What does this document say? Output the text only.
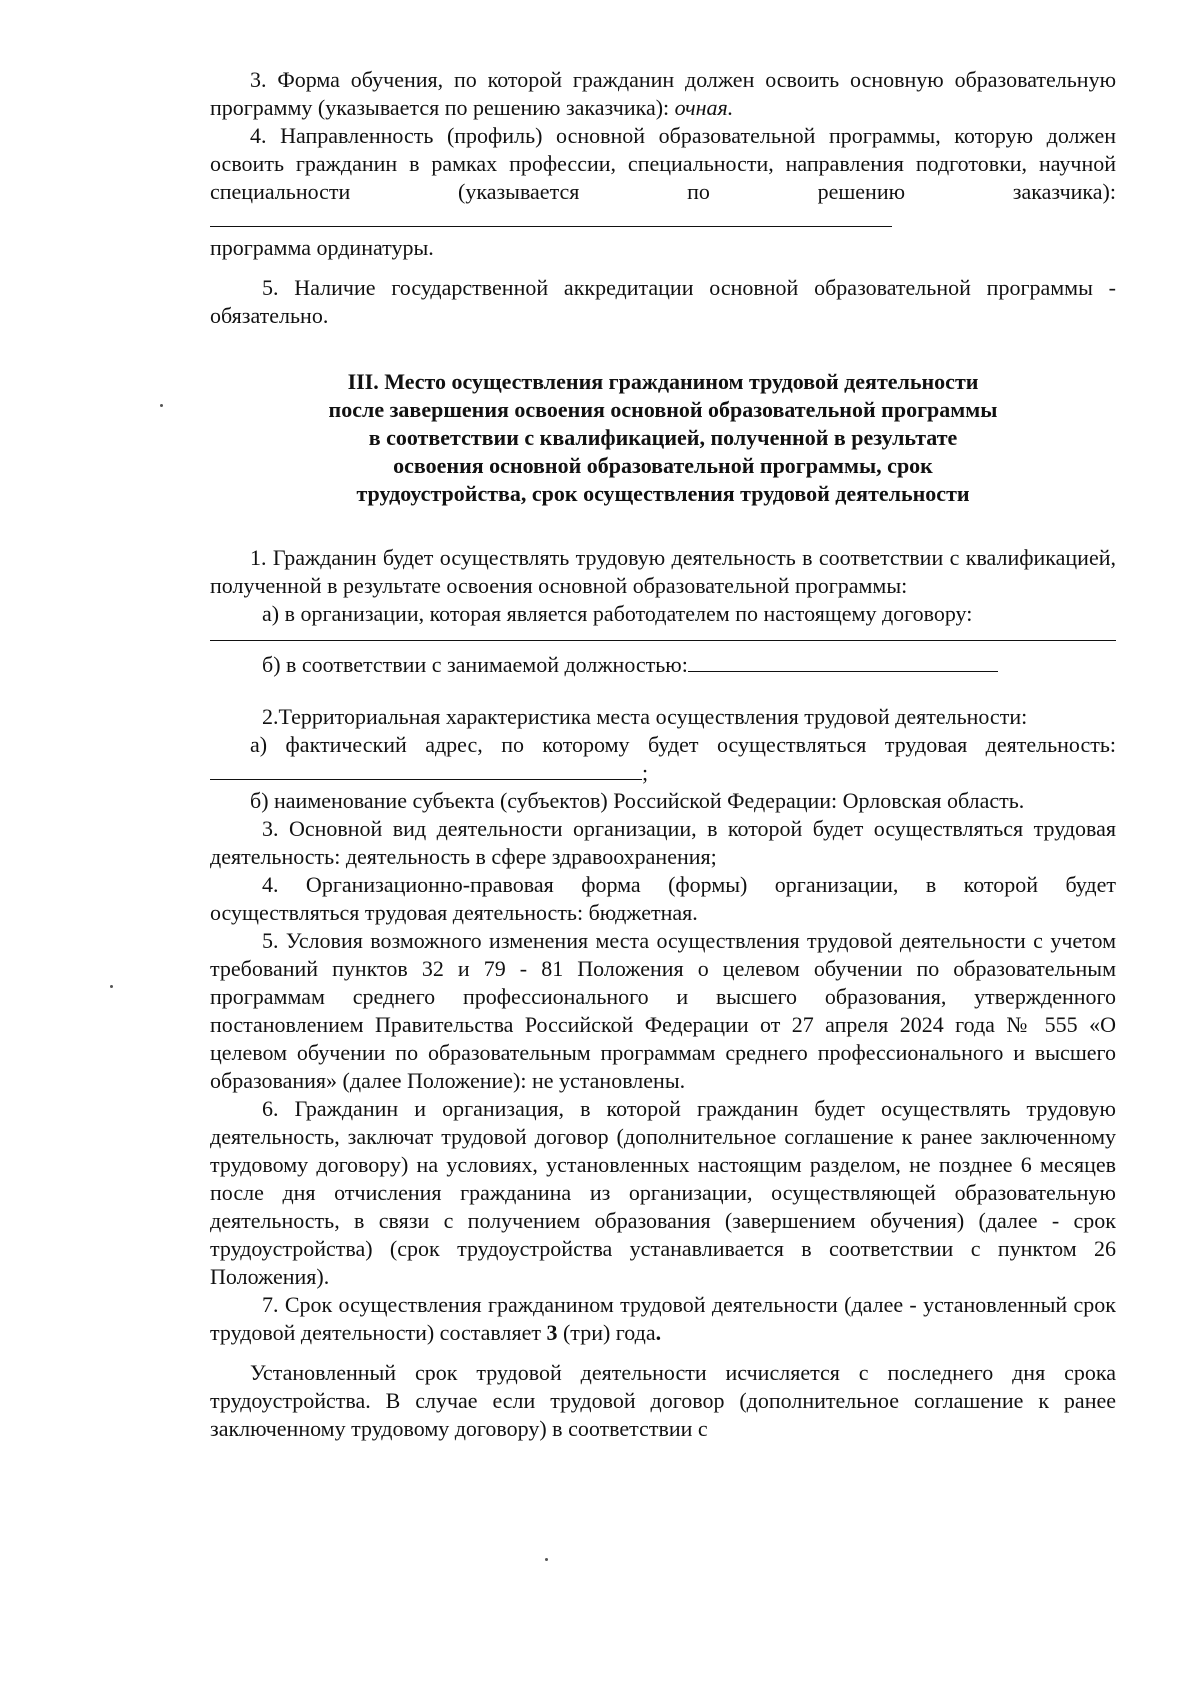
3. Форма обучения, по которой гражданин должен освоить основную образовательную программу (указывается по решению заказчика): очная.

4. Направленность (профиль) основной образовательной программы, которую должен освоить гражданин в рамках профессии, специальности, направления подготовки, научной специальности (указывается по решению заказчика):

программа ординатуры.

5. Наличие государственной аккредитации основной образовательной программы - обязательно.

III. Место осуществления гражданином трудовой деятельности
после завершения освоения основной образовательной программы
в соответствии с квалификацией, полученной в результате
освоения основной образовательной программы, срок
трудоустройства, срок осуществления трудовой деятельности

1. Гражданин будет осуществлять трудовую деятельность в соответствии с квалификацией, полученной в результате освоения основной образовательной программы:

а) в организации, которая является работодателем по настоящему договору:

б) в соответствии с занимаемой должностью:

2.Территориальная характеристика места осуществления трудовой деятельности:

а) фактический адрес, по которому будет осуществляться трудовая деятельность:;

б) наименование субъекта (субъектов) Российской Федерации: Орловская область.

3. Основной вид деятельности организации, в которой будет осуществляться трудовая деятельность: деятельность в сфере здравоохранения;

4. Организационно-правовая форма (формы) организации, в которой будет осуществляться трудовая деятельность: бюджетная.

5. Условия возможного изменения места осуществления трудовой деятельности с учетом требований пунктов 32 и 79 - 81 Положения о целевом обучении по образовательным программам среднего профессионального и высшего образования, утвержденного постановлением Правительства Российской Федерации от 27 апреля 2024 года № 555 «О целевом обучении по образовательным программам среднего профессионального и высшего образования» (далее Положение): не установлены.

6. Гражданин и организация, в которой гражданин будет осуществлять трудовую деятельность, заключат трудовой договор (дополнительное соглашение к ранее заключенному трудовому договору) на условиях, установленных настоящим разделом, не позднее 6 месяцев после дня отчисления гражданина из организации, осуществляющей образовательную деятельность, в связи с получением образования (завершением обучения) (далее - срок трудоустройства) (срок трудоустройства устанавливается в соответствии с пунктом 26 Положения).

7. Срок осуществления гражданином трудовой деятельности (далее - установленный срок трудовой деятельности) составляет 3 (три) года.

Установленный срок трудовой деятельности исчисляется с последнего дня срока трудоустройства. В случае если трудовой договор (дополнительное соглашение к ранее заключенному трудовому договору) в соответствии с
